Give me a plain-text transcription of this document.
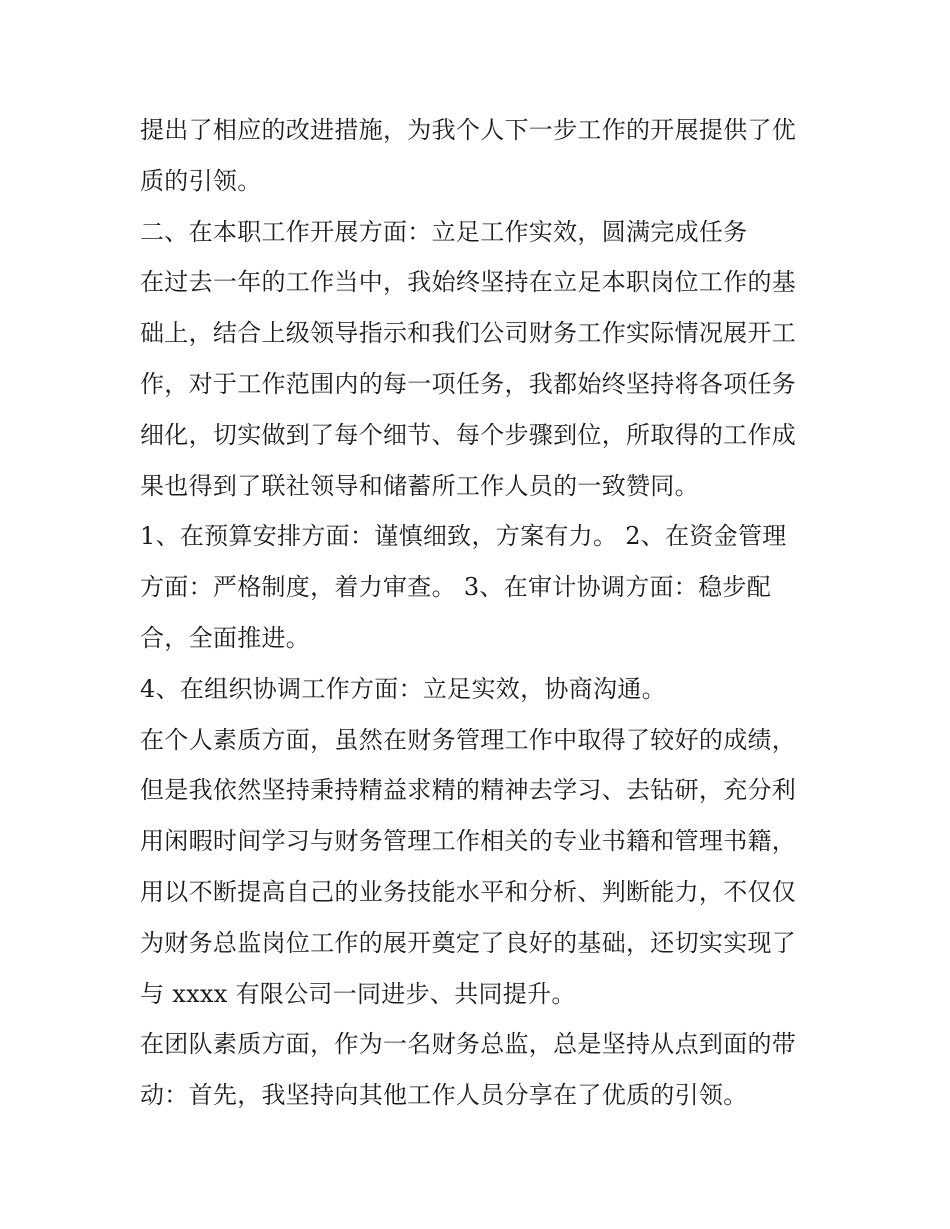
提出了相应的改进措施，为我个人下一步工作的开展提供了优
质的引领。
二、在本职工作开展方面：立足工作实效，圆满完成任务
在过去一年的工作当中，我始终坚持在立足本职岗位工作的基
础上，结合上级领导指示和我们公司财务工作实际情况展开工
作，对于工作范围内的每一项任务，我都始终坚持将各项任务
细化，切实做到了每个细节、每个步骤到位，所取得的工作成
果也得到了联社领导和储蓄所工作人员的一致赞同。
1、在预算安排方面：谨慎细致，方案有力。 2、在资金管理
方面：严格制度，着力审查。 3、在审计协调方面：稳步配
合，全面推进。
4、在组织协调工作方面：立足实效，协商沟通。
在个人素质方面，虽然在财务管理工作中取得了较好的成绩，
但是我依然坚持秉持精益求精的精神去学习、去钻研，充分利
用闲暇时间学习与财务管理工作相关的专业书籍和管理书籍，
用以不断提高自己的业务技能水平和分析、判断能力，不仅仅
为财务总监岗位工作的展开奠定了良好的基础，还切实实现了
与 xxxx 有限公司一同进步、共同提升。
在团队素质方面，作为一名财务总监，总是坚持从点到面的带
动：首先，我坚持向其他工作人员分享在了优质的引领。
